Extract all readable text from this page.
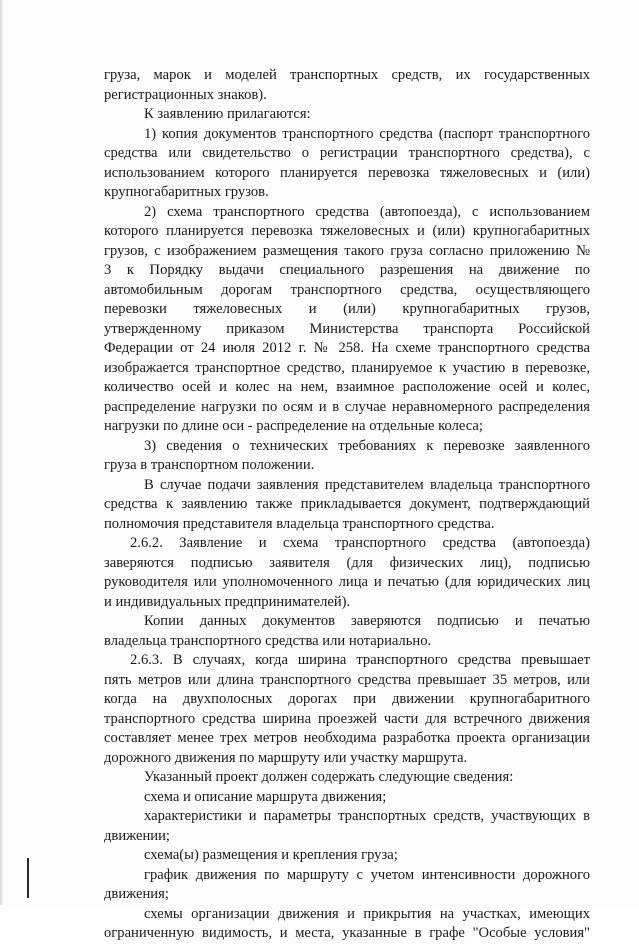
груза, марок и моделей транспортных средств, их государственных
регистрационных знаков).
К заявлению прилагаются:
1) копия документов транспортного средства (паспорт транспортного
средства или свидетельство о регистрации транспортного средства), с
использованием которого планируется перевозка тяжеловесных и (или)
крупногабаритных грузов.
2) схема транспортного средства (автопоезда), с использованием
которого планируется перевозка тяжеловесных и (или) крупногабаритных
грузов, с изображением размещения такого груза согласно приложению №
3 к Порядку выдачи специального разрешения на движение по
автомобильным дорогам транспортного средства, осуществляющего
перевозки тяжеловесных и (или) крупногабаритных грузов,
утвержденному приказом Министерства транспорта Российской
Федерации от 24 июля 2012 г. № 258. На схеме транспортного средства
изображается транспортное средство, планируемое к участию в перевозке,
количество осей и колес на нем, взаимное расположение осей и колес,
распределение нагрузки по осям и в случае неравномерного распределения
нагрузки по длине оси - распределение на отдельные колеса;
3) сведения о технических требованиях к перевозке заявленного
груза в транспортном положении.
В случае подачи заявления представителем владельца транспортного
средства к заявлению также прикладывается документ, подтверждающий
полномочия представителя владельца транспортного средства.
2.6.2. Заявление и схема транспортного средства (автопоезда)
заверяются подписью заявителя (для физических лиц), подписью
руководителя или уполномоченного лица и печатью (для юридических лиц
и индивидуальных предпринимателей).
Копии данных документов заверяются подписью и печатью
владельца транспортного средства или нотариально.
2.6.3. В случаях, когда ширина транспортного средства превышает
пять метров или длина транспортного средства превышает 35 метров, или
когда на двухполосных дорогах при движении крупногабаритного
транспортного средства ширина проезжей части для встречного движения
составляет менее трех метров необходима разработка проекта организации
дорожного движения по маршруту или участку маршрута.
Указанный проект должен содержать следующие сведения:
схема и описание маршрута движения;
характеристики и параметры транспортных средств, участвующих в
движении;
схема(ы) размещения и крепления груза;
график движения по маршруту с учетом интенсивности дорожного
движения;
схемы организации движения и прикрытия на участках, имеющих
ограниченную видимость, и места, указанные в графе "Особые условия"
